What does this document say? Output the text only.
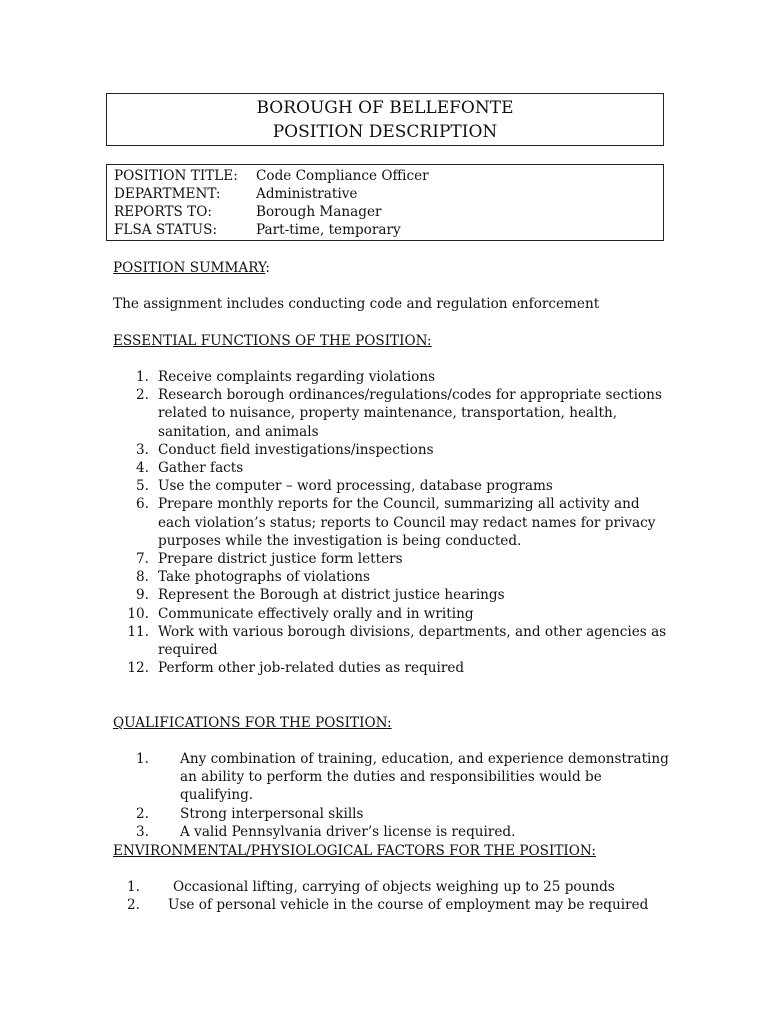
BOROUGH OF BELLEFONTE
POSITION DESCRIPTION
POSITION TITLE: Code Compliance Officer
DEPARTMENT:	Administrative
REPORTS TO:	Borough Manager
FLSA STATUS:	Part-time, temporary
POSITION SUMMARY:
The assignment includes conducting code and regulation enforcement
ESSENTIAL FUNCTIONS OF THE POSITION:
1. Receive complaints regarding violations
2. Research borough ordinances/regulations/codes for appropriate sections related to nuisance, property maintenance, transportation, health, sanitation, and animals
3. Conduct field investigations/inspections
4. Gather facts
5. Use the computer – word processing, database programs
6. Prepare monthly reports for the Council, summarizing all activity and each violation’s status; reports to Council may redact names for privacy purposes while the investigation is being conducted.
7. Prepare district justice form letters
8. Take photographs of violations
9. Represent the Borough at district justice hearings
10. Communicate effectively orally and in writing
11. Work with various borough divisions, departments, and other agencies as required
12. Perform other job-related duties as required
QUALIFICATIONS FOR THE POSITION:
1. Any combination of training, education, and experience demonstrating an ability to perform the duties and responsibilities would be qualifying.
2. Strong interpersonal skills
3. A valid Pennsylvania driver’s license is required.
ENVIRONMENTAL/PHYSIOLOGICAL FACTORS FOR THE POSITION:
1. Occasional lifting, carrying of objects weighing up to 25 pounds
2. Use of personal vehicle in the course of employment may be required
